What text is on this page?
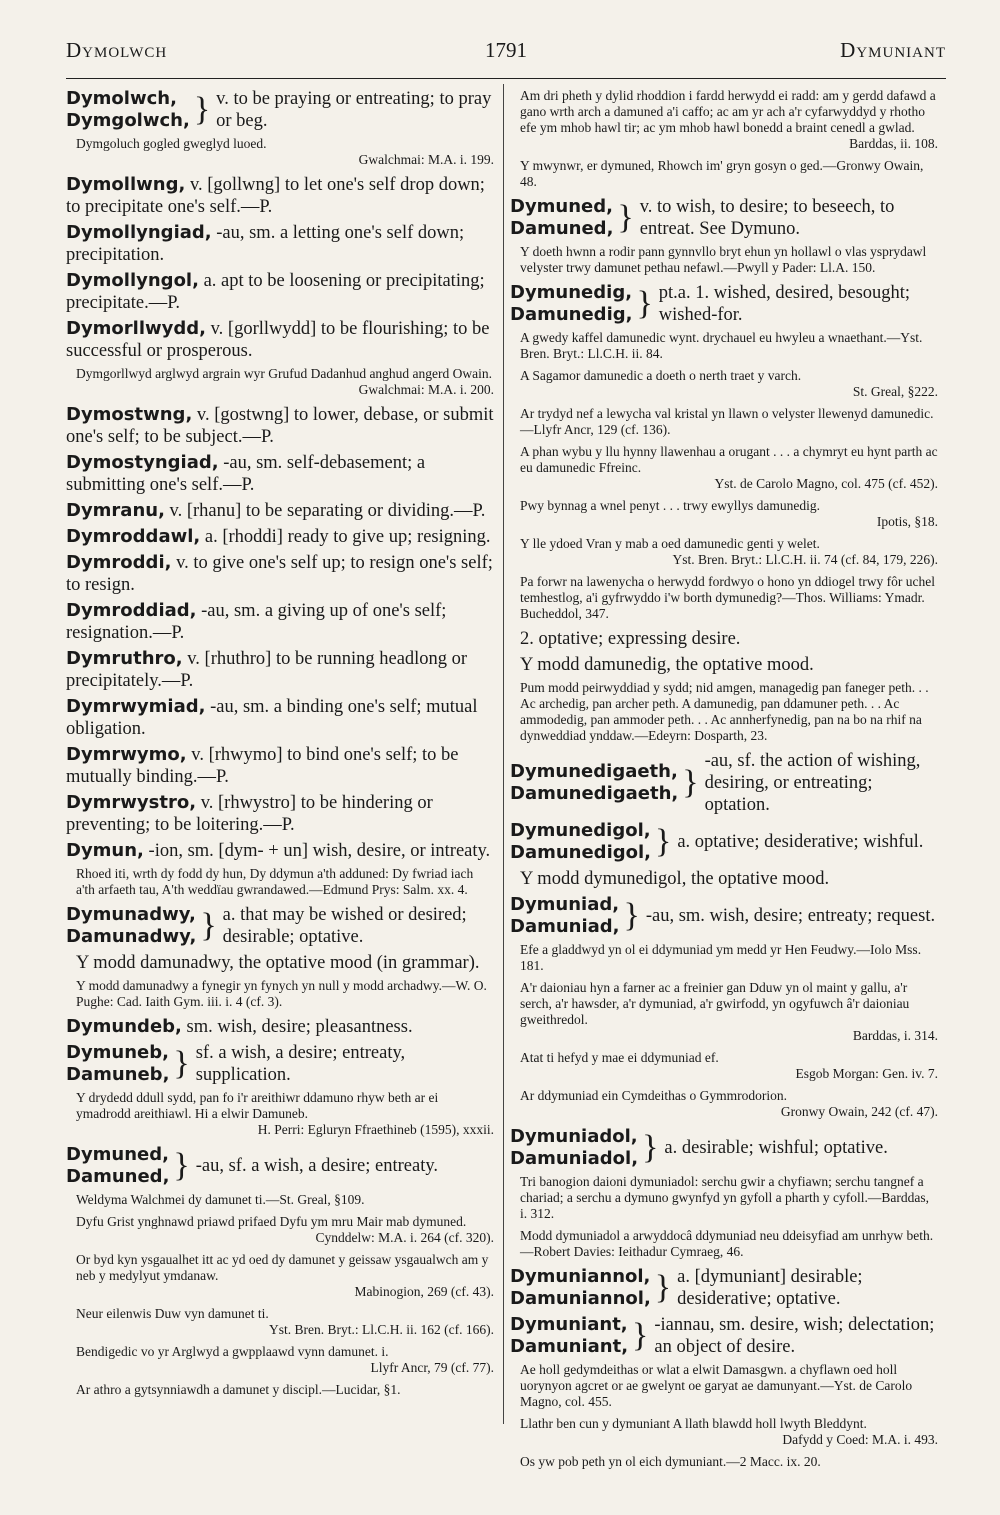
Dymolwch	1791	Dymuniant
Dymolwch,
Dymgolwch, } v. to be praying or entreating; to pray or beg.
Dymgoluch gogled gweglyd luoed.
Gwalchmai: M.A. i. 199.
Dymollwng, v. [gollwng] to let one's self drop down; to precipitate one's self.—P.
Dymollyngiad, -au, sm. a letting one's self down; precipitation.
Dymollyngol, a. apt to be loosening or precipitating; precipitate.—P.
Dymorllwydd, v. [gorllwydd] to be flourishing; to be successful or prosperous.
Dymgorllwyd arglwyd argrain wyr Grufud Dadanhud anghud angerd Owain.
Gwalchmai: M.A. i. 200.
Dymostwng, v. [gostwng] to lower, debase, or submit one's self; to be subject.—P.
Dymostyngiad, -au, sm. self-debasement; a submitting one's self.—P.
Dymranu, v. [rhanu] to be separating or dividing.—P.
Dymroddawl, a. [rhoddi] ready to give up; resigning.
Dymroddi, v. to give one's self up; to resign one's self; to resign.
Dymroddiad, -au, sm. a giving up of one's self; resignation.—P.
Dymruthro, v. [rhuthro] to be running headlong or precipitately.—P.
Dymrwymiad, -au, sm. a binding one's self; mutual obligation.
Dymrwymo, v. [rhwymo] to bind one's self; to be mutually binding.—P.
Dymrwystro, v. [rhwystro] to be hindering or preventing; to be loitering.—P.
Dymun, -ion, sm. [dym- + un] wish, desire, or intreaty.
Rhoed iti, wrth dy fodd dy hun, Dy ddymun a'th adduned: Dy fwriad iach a'th arfaeth tau, A'th weddïau gwrandawed.—Edmund Prys: Salm. xx. 4.
Dymunadwy,
Damunadwy, } a. that may be wished or desired; desirable; optative.
Y modd damunadwy, the optative mood (in grammar).
Y modd damunadwy a fynegir yn fynych yn null y modd archadwy.—W. O. Pughe: Cad. Iaith Gym. iii. i. 4 (cf. 3).
Dymundeb, sm. wish, desire; pleasantness.
Dymuneb,
Damuneb, } sf. a wish, a desire; entreaty, supplication.
Y drydedd ddull sydd, pan fo i'r areithiwr ddamuno rhyw beth ar ei ymadrodd areithiawl. Hi a elwir Damuneb.
H. Perri: Egluryn Ffraethineb (1595), xxxii.
Dymuned,
Damuned, } -au, sf. a wish, a desire; entreaty.
Weldyma Walchmei dy damunet ti.—St. Greal, §109.
Dyfu Grist ynghnawd priawd prifaed Dyfu ym mru Mair mab dymuned.
Cynddelw: M.A. i. 264 (cf. 320).
Or byd kyn ysgaualhet itt ac yd oed dy damunet y geissaw ysgaualwch am y neb y medylyut ymdanaw.
Mabinogion, 269 (cf. 43).
Neur eilenwis Duw vyn damunet ti.
Yst. Bren. Bryt.: Ll.C.H. ii. 162 (cf. 166).
Bendigedic vo yr Arglwyd a gwpplaawd vynn damunet. i.
Llyfr Ancr, 79 (cf. 77).
Ar athro a gytsynniawdh a damunet y discipl.—Lucidar, §1.
Am dri pheth y dylid rhoddion i fardd herwydd ei radd: am y gerdd dafawd a gano wrth arch a damuned a'i caffo; ac am yr ach a'r cyfarwyddyd y rhotho efe ym mhob hawl tir; ac ym mhob hawl bonedd a braint cenedl a gwlad.
Barddas, ii. 108.
Y mwynwr, er dymuned, Rhowch im' gryn gosyn o ged.—Gronwy Owain, 48.
Dymuned,
Damuned, } v. to wish, to desire; to beseech, to entreat. See Dymuno.
Y doeth hwnn a rodir pann gynnvllo bryt ehun yn hollawl o vlas ysprydawl velyster trwy damunet pethau nefawl.—Pwyll y Pader: Ll.A. 150.
Dymunedig,
Damunedig, } pt.a. 1. wished, desired, besought; wished-for.
A gwedy kaffel damunedic wynt. drychauel eu hwyleu a wnaethant.—Yst. Bren. Bryt.: Ll.C.H. ii. 84.
A Sagamor damunedic a doeth o nerth traet y varch.
St. Greal, §222.
Ar trydyd nef a lewycha val kristal yn llawn o velyster llewenyd damunedic.—Llyfr Ancr, 129 (cf. 136).
A phan wybu y llu hynny llawenhau a orugant . . . a chymryt eu hynt parth ac eu damunedic Ffreinc.
Yst. de Carolo Magno, col. 475 (cf. 452).
Pwy bynnag a wnel penyt . . . trwy ewyllys damunedig.
Ipotis, §18.
Y lle ydoed Vran y mab a oed damunedic genti y welet.
Yst. Bren. Bryt.: Ll.C.H. ii. 74 (cf. 84, 179, 226).
Pa forwr na lawenycha o herwydd fordwyo o hono yn ddiogel trwy fôr uchel temhestlog, a'i gyfrwyddo i'w borth dymunedig?—Thos. Williams: Ymadr. Bucheddol, 347.
2. optative; expressing desire.
Y modd damunedig, the optative mood.
Pum modd peirwyddiad y sydd; nid amgen, managedig pan faneger peth. . . Ac archedig, pan archer peth. A damunedig, pan ddamuner peth. . . Ac ammodedig, pan ammoder peth. . . Ac annherfynedig, pan na bo na rhif na dynweddiad ynddaw.—Edeyrn: Dosparth, 23.
Dymunedigaeth,
Damunedigaeth, }
-au, sf. the action of wishing, desiring, or entreating; optation.
Dymunedigol,
Damunedigol, } a. optative; desiderative; wishful.
Y modd dymunedigol, the optative mood.
Dymuniad,
Damuniad, } -au, sm. wish, desire; entreaty; request.
Efe a gladdwyd yn ol ei ddymuniad ym medd yr Hen Feudwy.—Iolo Mss. 181.
A'r daioniau hyn a farner ac a freinier gan Dduw yn ol maint y gallu, a'r serch, a'r hawsder, a'r dymuniad, a'r gwirfodd, yn ogyfuwch â'r daioniau gweithredol.
Barddas, i. 314.
Atat ti hefyd y mae ei ddymuniad ef.
Esgob Morgan: Gen. iv. 7.
Ar ddymuniad ein Cymdeithas o Gymmrodorion.
Gronwy Owain, 242 (cf. 47).
Dymuniadol,
Damuniadol, } a. desirable; wishful; optative.
Tri banogion daioni dymuniadol: serchu gwir a chyfiawn; serchu tangnef a chariad; a serchu a dymuno gwynfyd yn gyfoll a pharth y cyfoll.—Barddas, i. 312.
Modd dymuniadol a arwyddocâ ddymuniad neu ddeisyfiad am unrhyw beth.—Robert Davies: Ieithadur Cymraeg, 46.
Dymuniannol,
Damuniannol, } a. [dymuniant] desirable; desiderative; optative.
Dymuniant,
Damuniant, } -iannau, sm. desire, wish; delectation; an object of desire.
Ae holl gedymdeithas or wlat a elwit Damasgwn. a chyflawn oed holl uorynyon agcret or ae gwelynt oe garyat ae damunyant.—Yst. de Carolo Magno, col. 455.
Llathr ben cun y dymuniant A llath blawdd holl lwyth Bleddynt.
Dafydd y Coed: M.A. i. 493.
Os yw pob peth yn ol eich dymuniant.—2 Macc. ix. 20.
